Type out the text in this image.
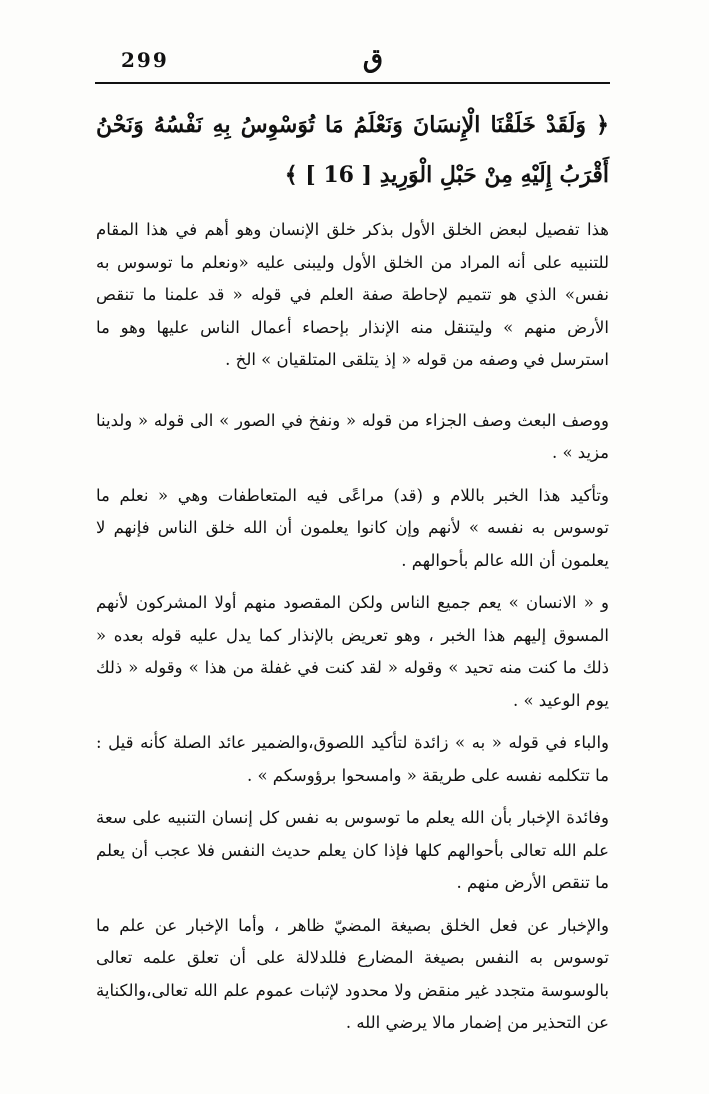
299	ق
﴿ وَلَقَدْ خَلَقْنَا الْإِنسَانَ وَنَعْلَمُ مَا تُوَسْوِسُ بِهِ نَفْسُهُ وَنَحْنُ أَقْرَبُ إِلَيْهِ مِنْ حَبْلِ الْوَرِيدِ [ 16 ] ﴾

هذا تفصيل لبعض الخلق الأول بذكر خلق الإنسان وهو أهم في هذا المقام للتنبيه على أنه المراد من الخلق الأول وليبنى عليه «ونعلم ما توسوس به نفس» الذي هو تتميم لإحاطة صفة العلم في قوله « قد علمنا ما تنقص الأرض منهم » وليتنقل منه الإنذار بإحصاء أعمال الناس عليها وهو ما استرسل في وصفه من قوله « إذ يتلقى المتلقيان » الخ .

ووصف البعث وصف الجزاء من قوله « ونفخ في الصور » الى قوله « ولدينا مزيد » .

وتأكيد هذا الخبر باللام و (قد) مراعًى فيه المتعاطفات وهي « نعلم ما توسوس به نفسه » لأنهم وإن كانوا يعلمون أن الله خلق الناس فإنهم لا يعلمون أن الله عالم بأحوالهم .

و « الانسان » يعم جميع الناس ولكن المقصود منهم أولا المشركون لأنهم المسوق إليهم هذا الخبر ، وهو تعريض بالإنذار كما يدل عليه قوله بعده « ذلك ما كنت منه تحيد » وقوله « لقد كنت في غفلة من هذا » وقوله « ذلك يوم الوعيد » .

والباء في قوله « به » زائدة لتأكيد اللصوق،والضمير عائد الصلة كأنه قيل : ما تتكلمه نفسه على طريقة « وامسحوا برؤوسكم » .

وفائدة الإخبار بأن الله يعلم ما توسوس به نفس كل إنسان التنبيه على سعة علم الله تعالى بأحوالهم كلها فإذا كان يعلم حديث النفس فلا عجب أن يعلم ما تنقص الأرض منهم .

والإخبار عن فعل الخلق بصيغة المضيّ ظاهر ، وأما الإخبار عن علم ما توسوس به النفس بصيغة المضارع فللدلالة على أن تعلق علمه تعالى بالوسوسة متجدد غير منقض ولا محدود لإثبات عموم علم الله تعالى،والكناية عن التحذير من إضمار مالا يرضي الله .
